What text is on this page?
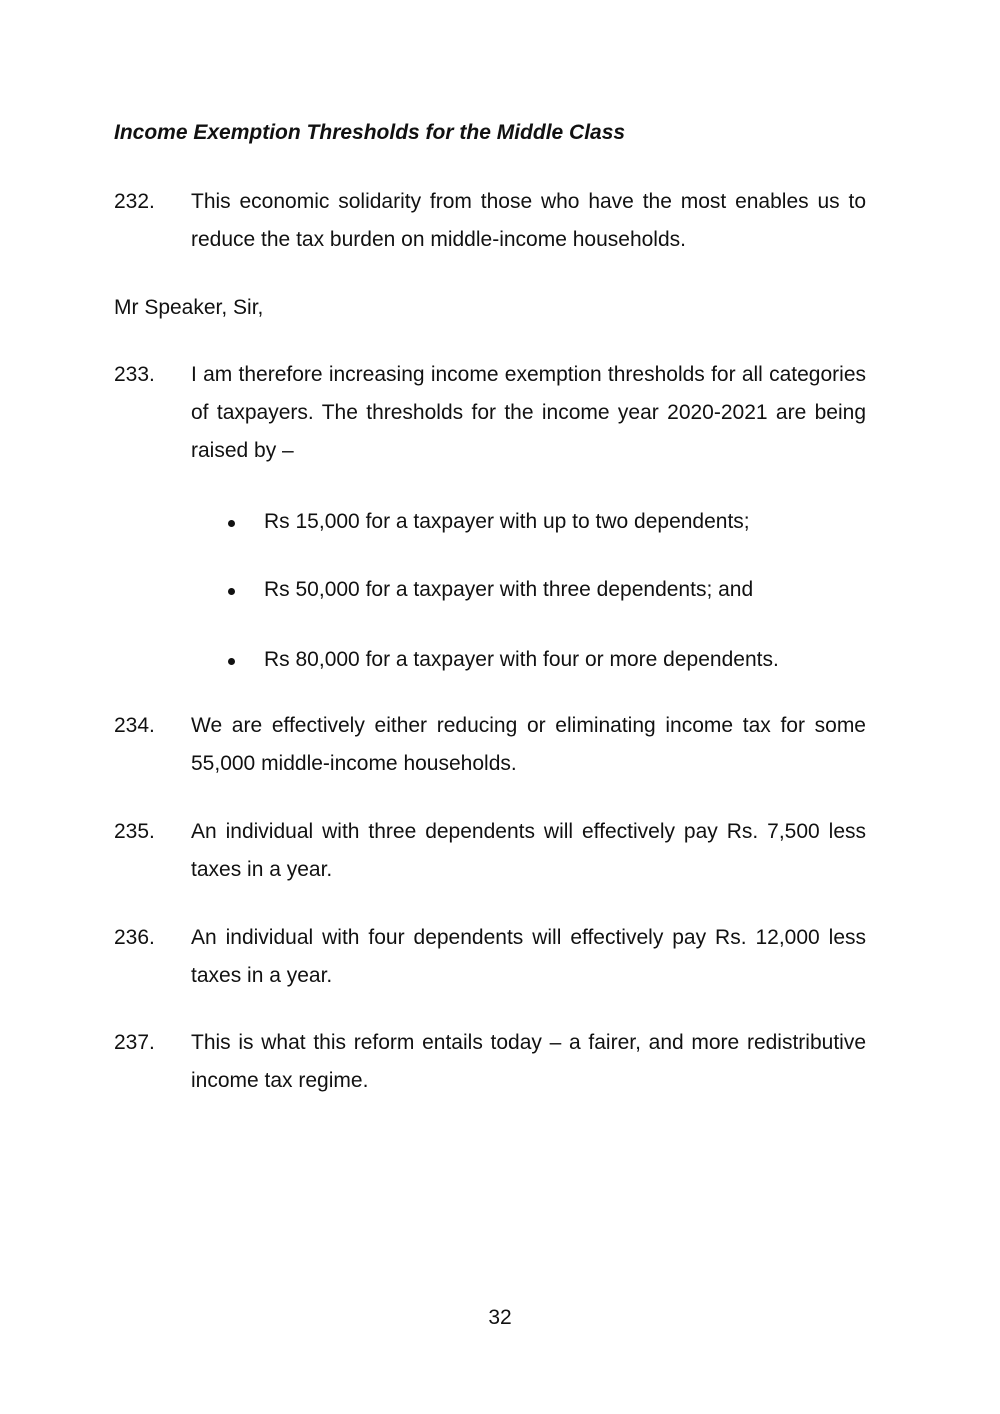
Income Exemption Thresholds for the Middle Class
232. This economic solidarity from those who have the most enables us to reduce the tax burden on middle-income households.
Mr Speaker, Sir,
233. I am therefore increasing income exemption thresholds for all categories of taxpayers. The thresholds for the income year 2020-2021 are being raised by –
Rs 15,000 for a taxpayer with up to two dependents;
Rs 50,000 for a taxpayer with three dependents; and
Rs 80,000 for a taxpayer with four or more dependents.
234. We are effectively either reducing or eliminating income tax for some 55,000 middle-income households.
235. An individual with three dependents will effectively pay Rs. 7,500 less taxes in a year.
236. An individual with four dependents will effectively pay Rs. 12,000 less taxes in a year.
237. This is what this reform entails today – a fairer, and more redistributive income tax regime.
32
